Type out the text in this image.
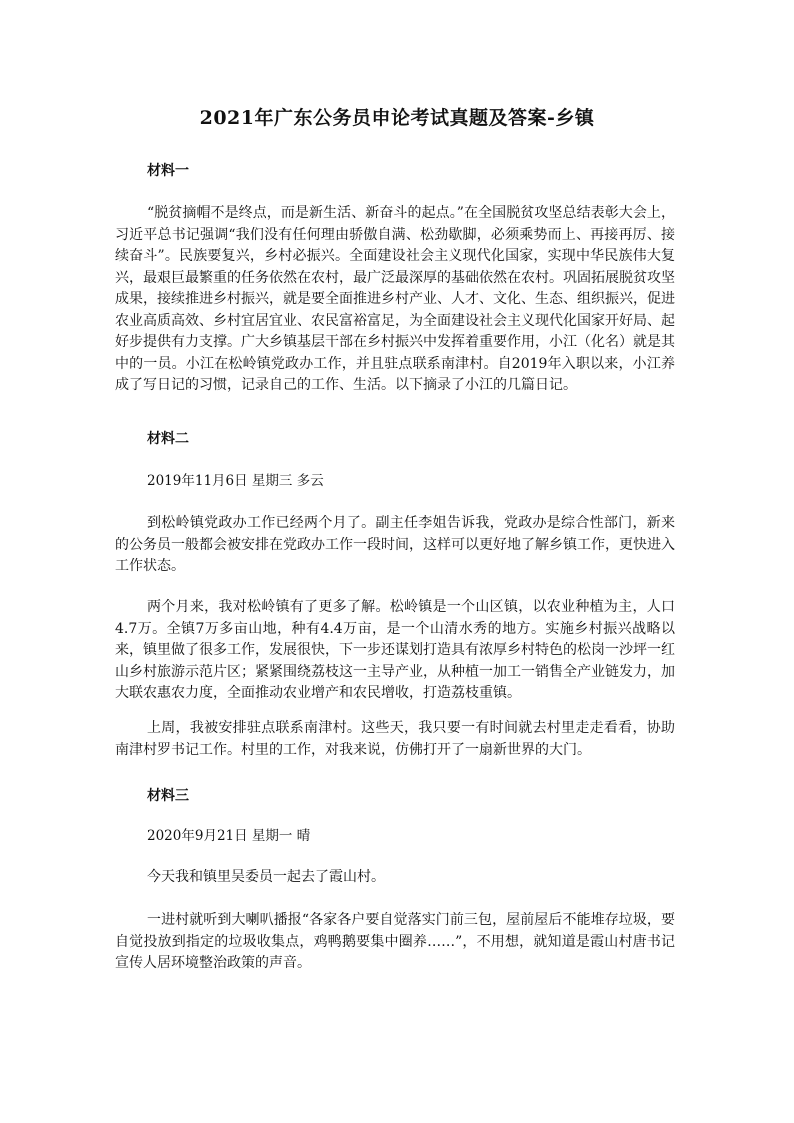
2021年广东公务员申论考试真题及答案-乡镇
材料一

“脱贫摘帽不是终点，而是新生活、新奋斗的起点。”在全国脱贫攻坚总结表彰大会上，习近平总书记强调“我们没有任何理由骄傲自满、松劲歇脚，必须乘势而上、再接再厉、接续奋斗”。民族要复兴，乡村必振兴。全面建设社会主义现代化国家，实现中华民族伟大复兴，最艰巨最繁重的任务依然在农村，最广泛最深厚的基础依然在农村。巩固拓展脱贫攻坚成果，接续推进乡村振兴，就是要全面推进乡村产业、人才、文化、生态、组织振兴，促进农业高质高效、乡村宜居宜业、农民富裕富足，为全面建设社会主义现代化国家开好局、起好步提供有力支撑。广大乡镇基层干部在乡村振兴中发挥着重要作用，小江（化名）就是其中的一员。小江在松岭镇党政办工作，并且驻点联系南津村。自2019年入职以来，小江养成了写日记的习惯，记录自己的工作、生活。以下摘录了小江的几篇日记。

材料二
2019年11月6日 星期三 多云

到松岭镇党政办工作已经两个月了。副主任李姐告诉我，党政办是综合性部门，新来的公务员一般都会被安排在党政办工作一段时间，这样可以更好地了解乡镇工作，更快进入工作状态。

两个月来，我对松岭镇有了更多了解。松岭镇是一个山区镇，以农业种植为主，人口4.7万。全镇7万多亩山地，种有4.4万亩，是一个山清水秀的地方。实施乡村振兴战略以来，镇里做了很多工作，发展很快，下一步还谋划打造具有浓厚乡村特色的松岗一沙坪一红山乡村旅游示范片区；紧紧围绕荔枝这一主导产业，从种植一加工一销售全产业链发力，加大联农惠农力度，全面推动农业增产和农民增收，打造荔枝重镇。

上周，我被安排驻点联系南津村。这些天，我只要一有时间就去村里走走看看，协助南津村罗书记工作。村里的工作，对我来说，仿佛打开了一扇新世界的大门。

材料三
2020年9月21日 星期一 晴

今天我和镇里吴委员一起去了霞山村。

一进村就听到大喇叭播报“各家各户要自觉落实门前三包，屋前屋后不能堆存垃圾，要自觉投放到指定的垃圾收集点，鸡鸭鹅要集中圈养……”，不用想，就知道是霞山村唐书记宣传人居环境整治政策的声音。
